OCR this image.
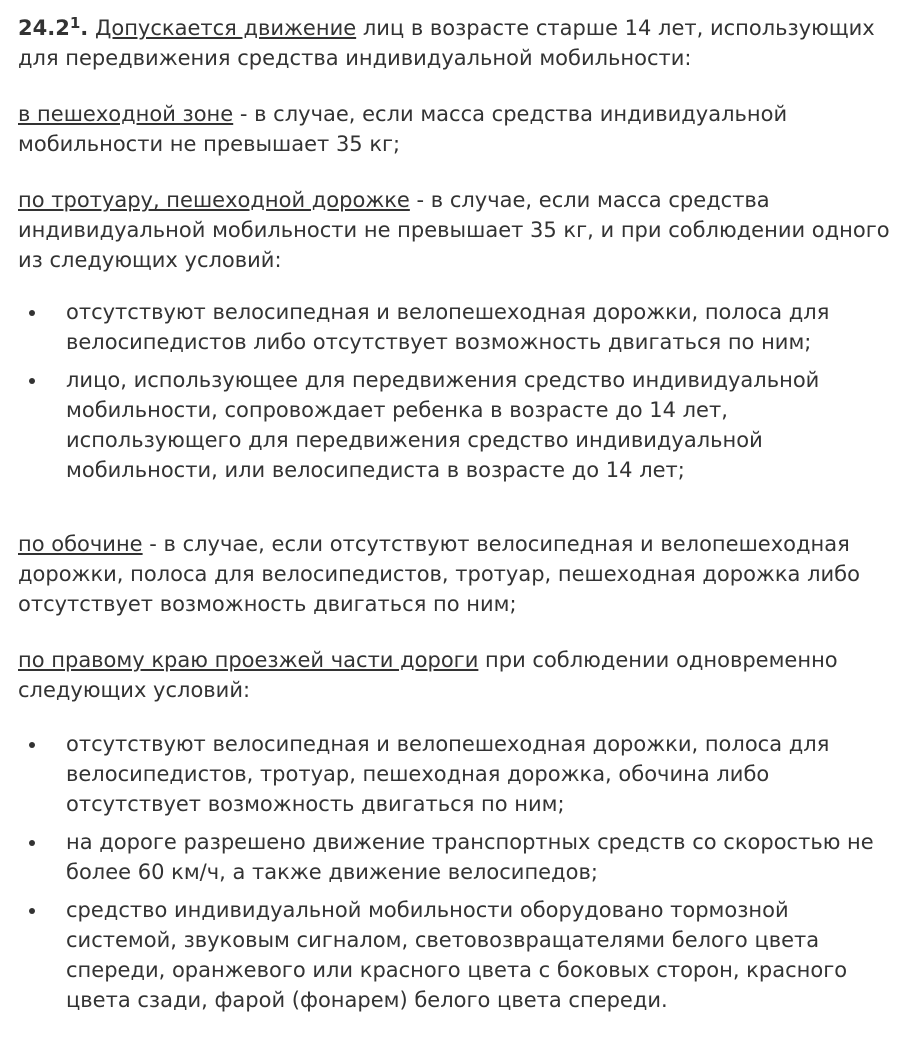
24.2$^1$. Допускается движение лиц в возрасте старше 14 лет, использующих для передвижения средства индивидуальной мобильности:

в пешеходной зоне - в случае, если масса средства индивидуальной мобильности не превышает 35 кг;

по тротуару, пешеходной дорожке - в случае, если масса средства индивидуальной мобильности не превышает 35 кг, и при соблюдении одного из следующих условий:

отсутствуют велосипедная и велопешеходная дорожки, полоса для велосипедистов либо отсутствует возможность двигаться по ним;
лицо, использующее для передвижения средство индивидуальной мобильности, сопровождает ребенка в возрасте до 14 лет, использующего для передвижения средство индивидуальной мобильности, или велосипедиста в возрасте до 14 лет;

по обочине - в случае, если отсутствуют велосипедная и велопешеходная дорожки, полоса для велосипедистов, тротуар, пешеходная дорожка либо отсутствует возможность двигаться по ним;

по правому краю проезжей части дороги при соблюдении одновременно следующих условий:

отсутствуют велосипедная и велопешеходная дорожки, полоса для велосипедистов, тротуар, пешеходная дорожка, обочина либо отсутствует возможность двигаться по ним;
на дороге разрешено движение транспортных средств со скоростью не более 60 км/ч, а также движение велосипедов;
средство индивидуальной мобильности оборудовано тормозной системой, звуковым сигналом, световозвращателями белого цвета спереди, оранжевого или красного цвета с боковых сторон, красного цвета сзади, фарой (фонарем) белого цвета спереди.
